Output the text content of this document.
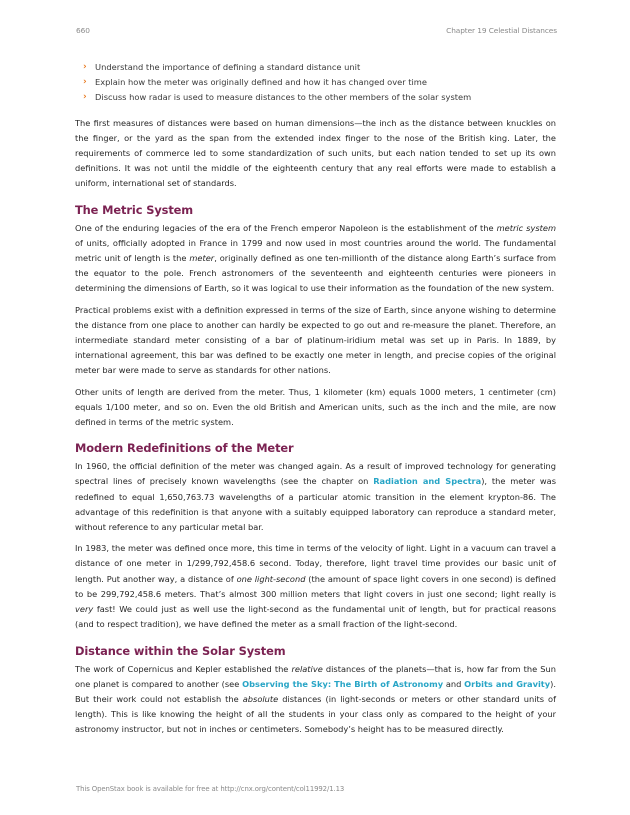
660	Chapter 19 Celestial Distances
› Understand the importance of defining a standard distance unit
› Explain how the meter was originally defined and how it has changed over time
› Discuss how radar is used to measure distances to the other members of the solar system

The first measures of distances were based on human dimensions—the inch as the distance between knuckles on the finger, or the yard as the span from the extended index finger to the nose of the British king. Later, the requirements of commerce led to some standardization of such units, but each nation tended to set up its own definitions. It was not until the middle of the eighteenth century that any real efforts were made to establish a uniform, international set of standards.

The Metric System

One of the enduring legacies of the era of the French emperor Napoleon is the establishment of the metric system of units, officially adopted in France in 1799 and now used in most countries around the world. The fundamental metric unit of length is the meter, originally defined as one ten-millionth of the distance along Earth’s surface from the equator to the pole. French astronomers of the seventeenth and eighteenth centuries were pioneers in determining the dimensions of Earth, so it was logical to use their information as the foundation of the new system.

Practical problems exist with a definition expressed in terms of the size of Earth, since anyone wishing to determine the distance from one place to another can hardly be expected to go out and re-measure the planet. Therefore, an intermediate standard meter consisting of a bar of platinum-iridium metal was set up in Paris. In 1889, by international agreement, this bar was defined to be exactly one meter in length, and precise copies of the original meter bar were made to serve as standards for other nations.

Other units of length are derived from the meter. Thus, 1 kilometer (km) equals 1000 meters, 1 centimeter (cm) equals 1/100 meter, and so on. Even the old British and American units, such as the inch and the mile, are now defined in terms of the metric system.

Modern Redefinitions of the Meter

In 1960, the official definition of the meter was changed again. As a result of improved technology for generating spectral lines of precisely known wavelengths (see the chapter on Radiation and Spectra), the meter was redefined to equal 1,650,763.73 wavelengths of a particular atomic transition in the element krypton-86. The advantage of this redefinition is that anyone with a suitably equipped laboratory can reproduce a standard meter, without reference to any particular metal bar.

In 1983, the meter was defined once more, this time in terms of the velocity of light. Light in a vacuum can travel a distance of one meter in 1/299,792,458.6 second. Today, therefore, light travel time provides our basic unit of length. Put another way, a distance of one light-second (the amount of space light covers in one second) is defined to be 299,792,458.6 meters. That’s almost 300 million meters that light covers in just one second; light really is very fast! We could just as well use the light-second as the fundamental unit of length, but for practical reasons (and to respect tradition), we have defined the meter as a small fraction of the light-second.

Distance within the Solar System

The work of Copernicus and Kepler established the relative distances of the planets—that is, how far from the Sun one planet is compared to another (see Observing the Sky: The Birth of Astronomy and Orbits and Gravity). But their work could not establish the absolute distances (in light-seconds or meters or other standard units of length). This is like knowing the height of all the students in your class only as compared to the height of your astronomy instructor, but not in inches or centimeters. Somebody’s height has to be measured directly.

This OpenStax book is available for free at http://cnx.org/content/col11992/1.13
